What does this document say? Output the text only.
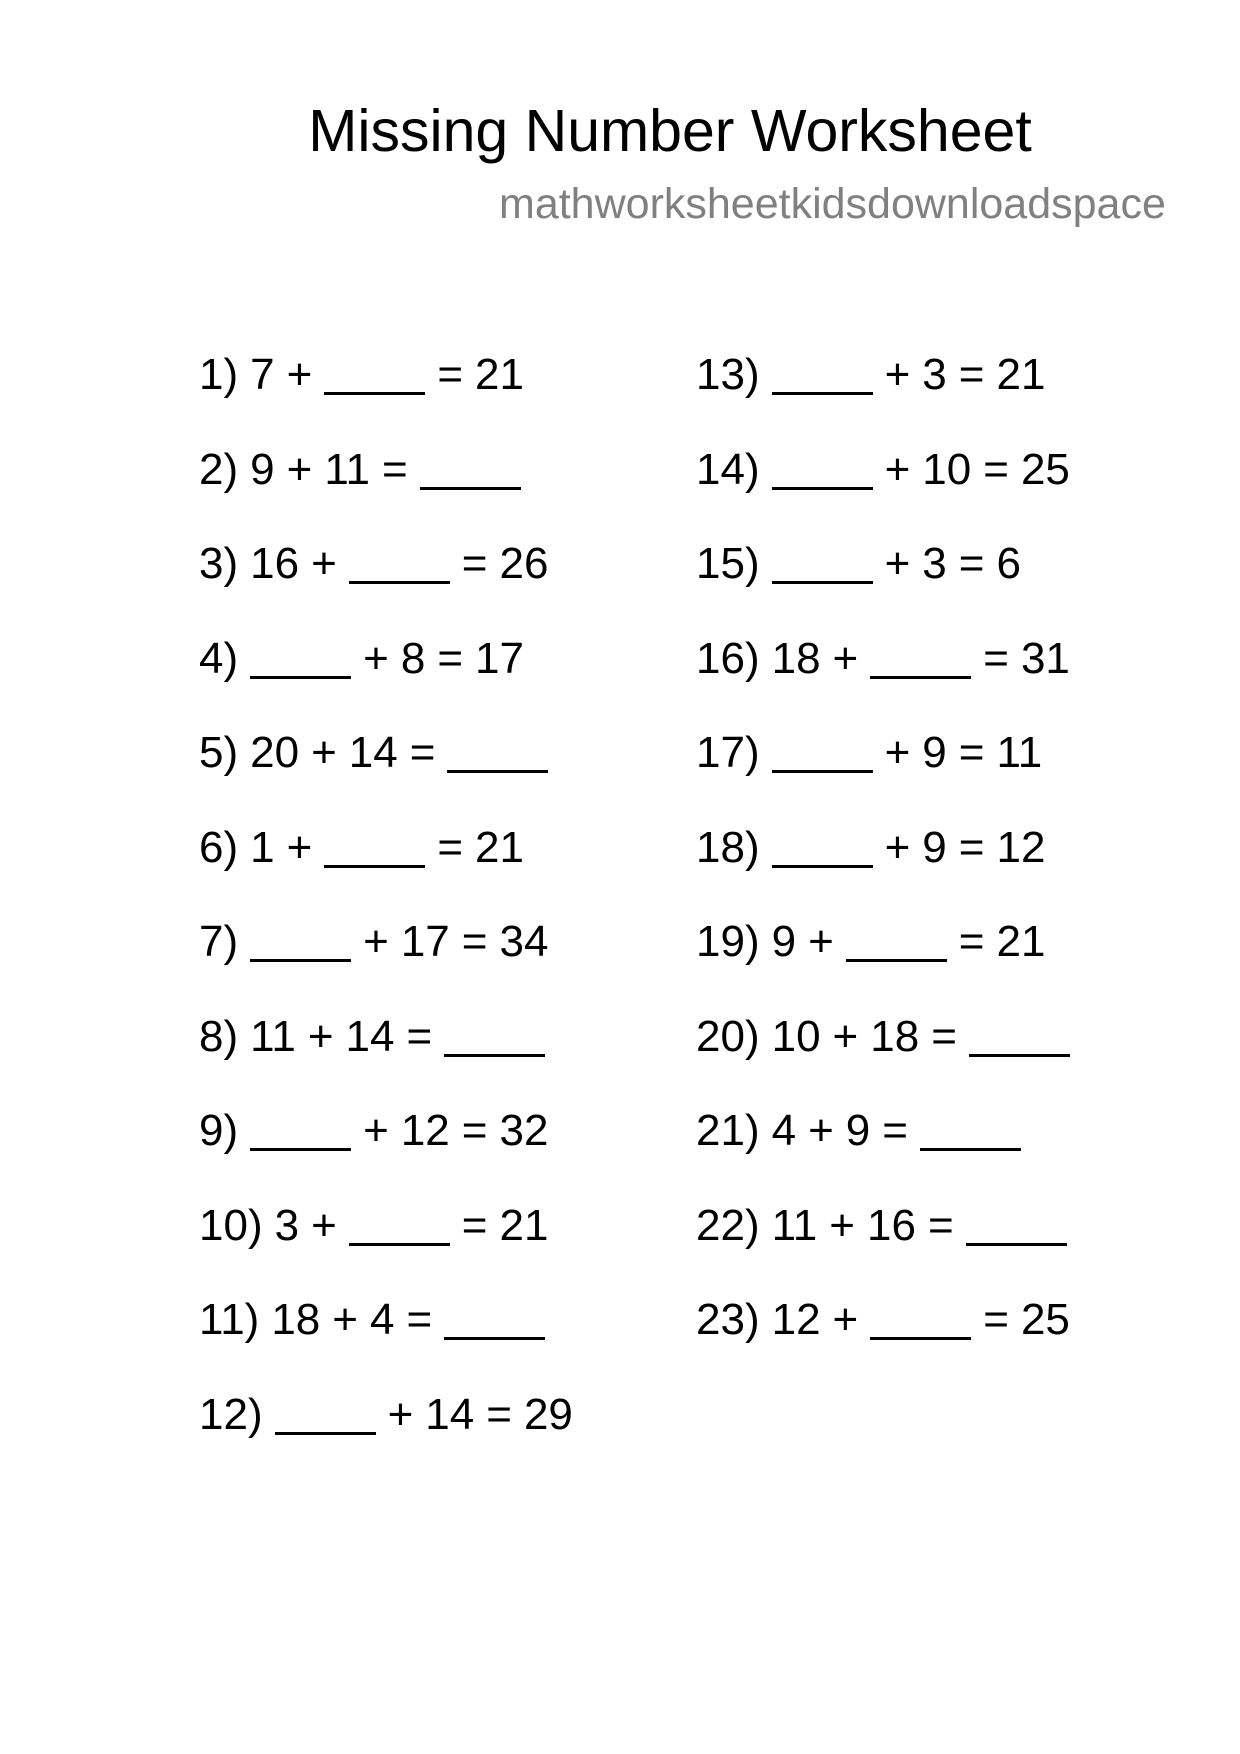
Missing Number Worksheet
mathworksheetkidsdownloadspace
1) 7 +	= 21
2) 9 + 11 =
3) 16 +	= 26
4)	+ 8 = 17
5) 20 + 14 =
6) 1 +	= 21
7)	+ 17 = 34
8) 11 + 14 =
9)	+ 12 = 32
10) 3 +	= 21
11) 18 + 4 =
12)	+ 14 = 29
13)	+ 3 = 21
14)	+ 10 = 25
15)	+ 3 = 6
16) 18 +	= 31
17)	+ 9 = 11
18)	+ 9 = 12
19) 9 +	= 21
20) 10 + 18 =
21) 4 + 9 =
22) 11 + 16 =
23) 12 +	= 25
